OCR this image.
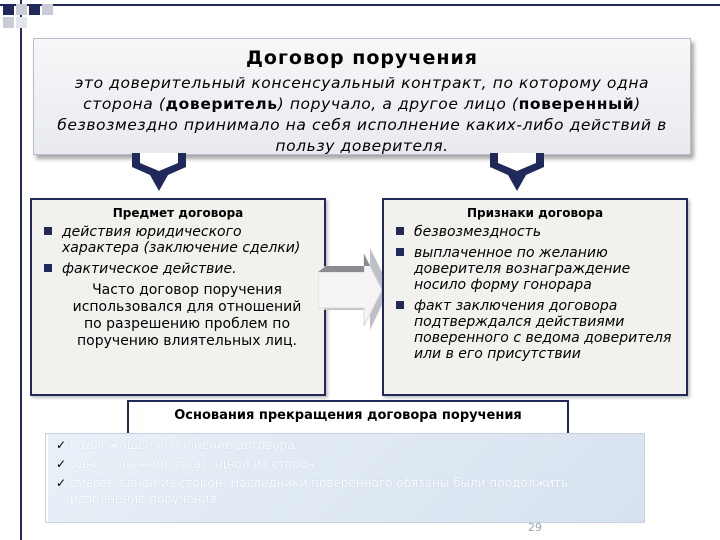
Договор поручения
это доверительный консенсуальный контракт, по которому одна сторона (доверитель) поручало, а другое лицо (поверенный) безвозмездно принимало на себя исполнение каких-либо действий в пользу доверителя.
Предмет договора
действия юридического характера (заключение сделки)
фактическое действие.
Часто договор поручения использовался для отношений по разрешению проблем по поручению влиятельных лиц.
Признаки договора
безвозмездность
выплаченное по желанию доверителя вознаграждение носило форму гонорара
факт заключения договора подтверждался действиями поверенного с ведома доверителя или в его присутствии
Основания прекращения договора поручения
✓ надлежащее исполнение договора
✓ односторонний отказ одной из сторон
✓ смерть одной из сторон. Наследники поверенного обязаны были продолжить исполнение поручения
29
